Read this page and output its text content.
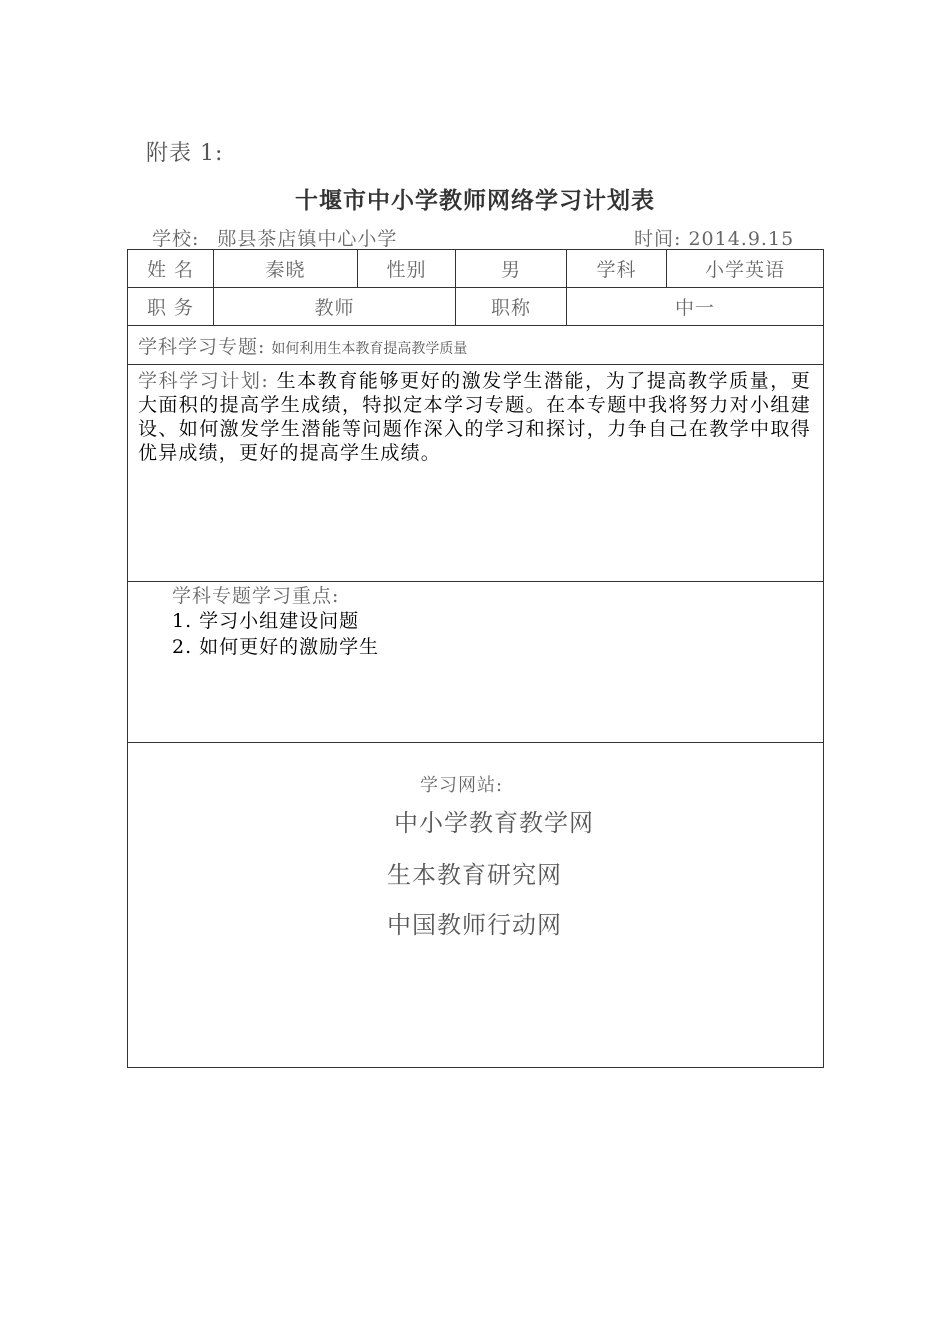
附表 1:
十堰市中小学教师网络学习计划表
学校: 郧县茶店镇中心小学	时间: 2014.9.15
姓 名	秦晓	性别	男	学科	小学英语
职 务	教师		职称	中一	
学科学习专题: 如何利用生本教育提高教学质量					

学科学习计划: 生本教育能够更好的激发学生潜能，为了提高教学质量，更大面积的提高学生成绩，特拟定本学习专题。在本专题中我将努力对小组建设、如何激发学生潜能等问题作深入的学习和探讨，力争自己在教学中取得优异成绩，更好的提高学生成绩。					

学科专题学习重点:
1. 学习小组建设问题
2. 如何更好的激励学生					

学习网站:
中小学教育教学网
生本教育研究网
中国教师行动网					
